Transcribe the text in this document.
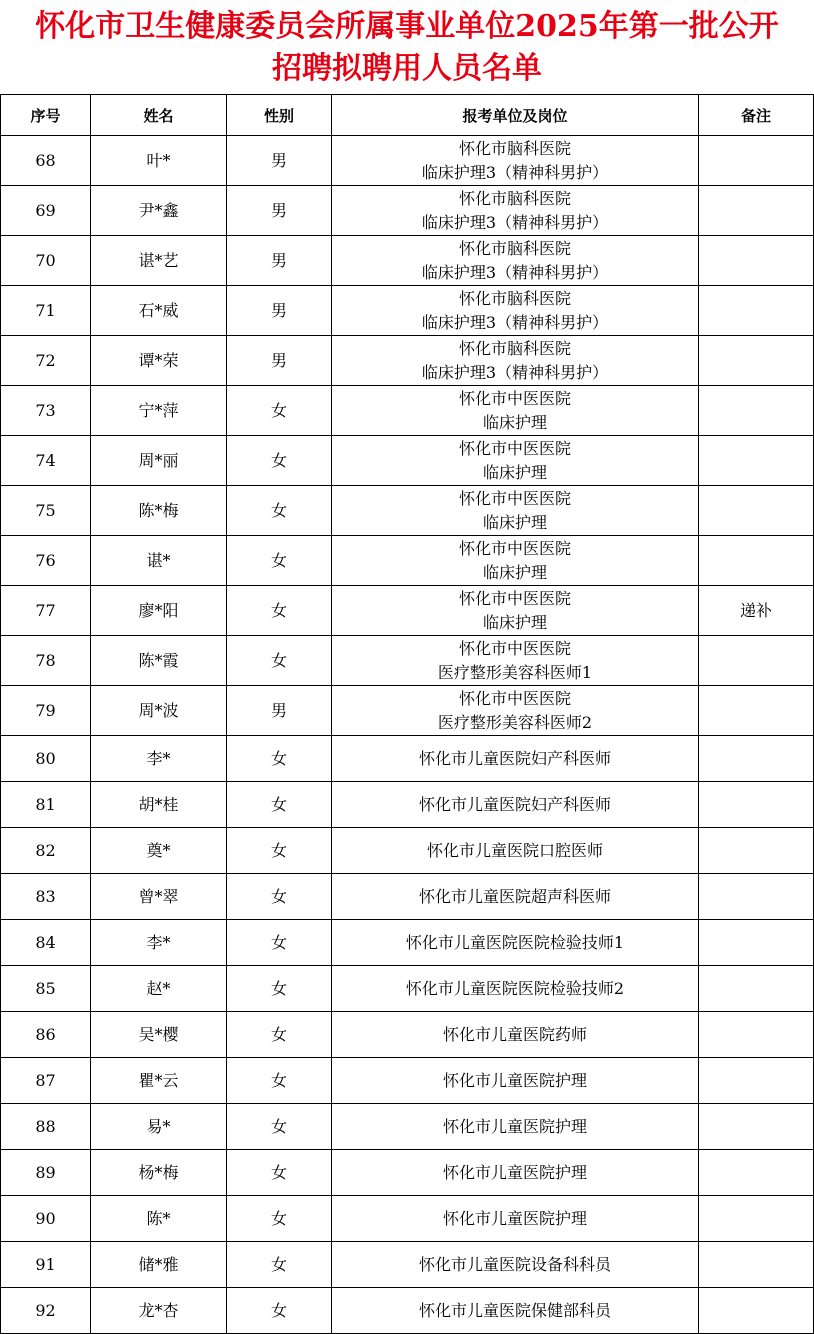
怀化市卫生健康委员会所属事业单位2025年第一批公开
招聘拟聘用人员名单
序号	姓名	性别	报考单位及岗位	备注
68	叶*	男	怀化市脑科医院
临床护理3（精神科男护）	

69	尹*鑫	男	怀化市脑科医院
临床护理3（精神科男护）	

70	谌*艺	男	怀化市脑科医院
临床护理3（精神科男护）	

71	石*威	男	怀化市脑科医院
临床护理3（精神科男护）	

72	谭*荣	男	怀化市脑科医院
临床护理3（精神科男护）	

73	宁*萍	女	怀化市中医医院
临床护理	

74	周*丽	女	怀化市中医医院
临床护理	

75	陈*梅	女	怀化市中医医院
临床护理	

76	谌*	女	怀化市中医医院
临床护理	

77	廖*阳	女	怀化市中医医院
临床护理	递补
78	陈*霞	女	怀化市中医医院
医疗整形美容科医师1	

79	周*波	男	怀化市中医医院
医疗整形美容科医师2	

80	李*	女	怀化市儿童医院妇产科医师	

81	胡*桂	女	怀化市儿童医院妇产科医师	

82	奠*	女	怀化市儿童医院口腔医师	

83	曾*翠	女	怀化市儿童医院超声科医师	

84	李*	女	怀化市儿童医院医院检验技师1	

85	赵*	女	怀化市儿童医院医院检验技师2	

86	吴*樱	女	怀化市儿童医院药师	

87	瞿*云	女	怀化市儿童医院护理	

88	易*	女	怀化市儿童医院护理	

89	杨*梅	女	怀化市儿童医院护理	

90	陈*	女	怀化市儿童医院护理	

91	储*雅	女	怀化市儿童医院设备科科员	

92	龙*杏	女	怀化市儿童医院保健部科员	
